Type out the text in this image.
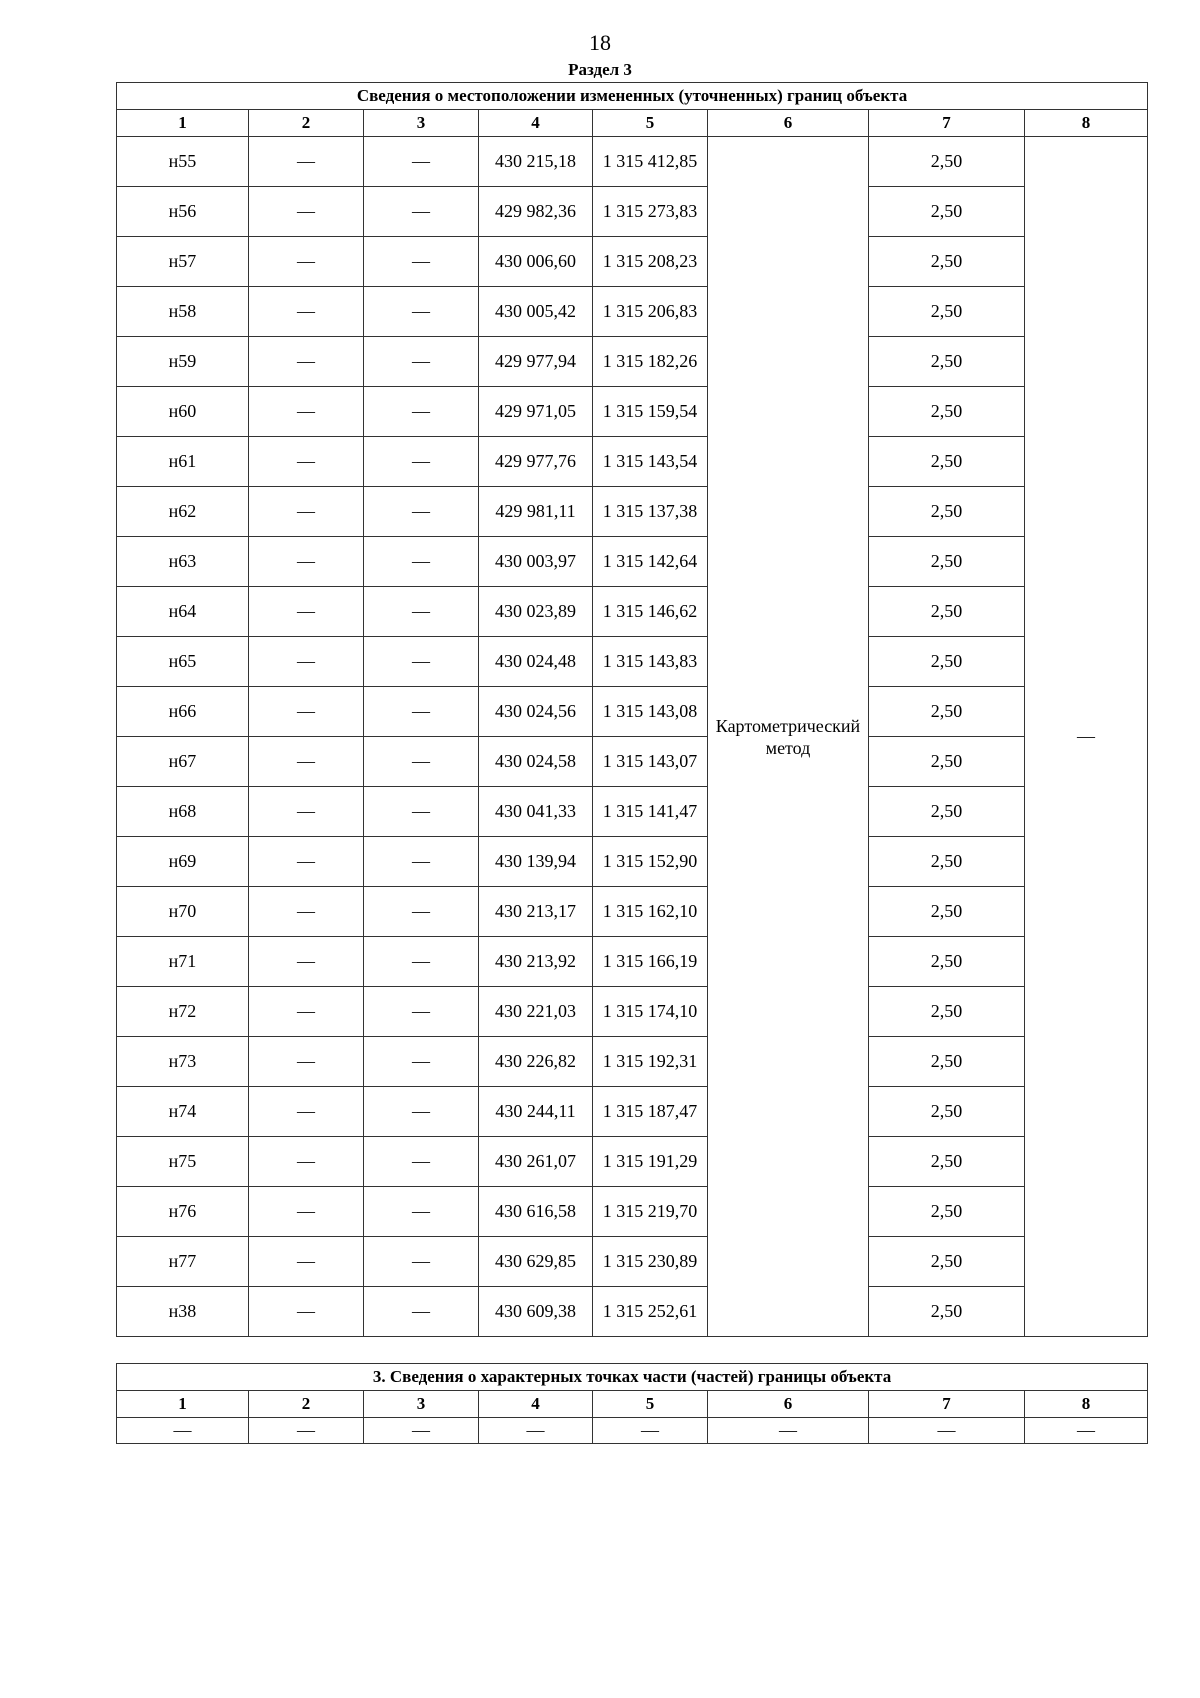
18
Раздел 3
Сведения о местоположении измененных (уточненных) границ объекта							
1	2	3	4	5	6	7	8
н55	—	—	430 215,18	1 315 412,85	Картометрический метод	2,50	—
н56	—	—	429 982,36	1 315 273,83		2,50	
н57	—	—	430 006,60	1 315 208,23		2,50	
н58	—	—	430 005,42	1 315 206,83		2,50	
н59	—	—	429 977,94	1 315 182,26		2,50	
н60	—	—	429 971,05	1 315 159,54		2,50	
н61	—	—	429 977,76	1 315 143,54		2,50	
н62	—	—	429 981,11	1 315 137,38		2,50	
н63	—	—	430 003,97	1 315 142,64		2,50	
н64	—	—	430 023,89	1 315 146,62		2,50	
н65	—	—	430 024,48	1 315 143,83		2,50	
н66	—	—	430 024,56	1 315 143,08		2,50	
н67	—	—	430 024,58	1 315 143,07		2,50	
н68	—	—	430 041,33	1 315 141,47		2,50	
н69	—	—	430 139,94	1 315 152,90		2,50	
н70	—	—	430 213,17	1 315 162,10		2,50	
н71	—	—	430 213,92	1 315 166,19		2,50	
н72	—	—	430 221,03	1 315 174,10		2,50	
н73	—	—	430 226,82	1 315 192,31		2,50	
н74	—	—	430 244,11	1 315 187,47		2,50	
н75	—	—	430 261,07	1 315 191,29		2,50	
н76	—	—	430 616,58	1 315 219,70		2,50	
н77	—	—	430 629,85	1 315 230,89		2,50	
н38	—	—	430 609,38	1 315 252,61		2,50	
3. Сведения о характерных точках части (частей) границы объекта							
1	2	3	4	5	6	7	8
—	—	—	—	—	—	—	—
